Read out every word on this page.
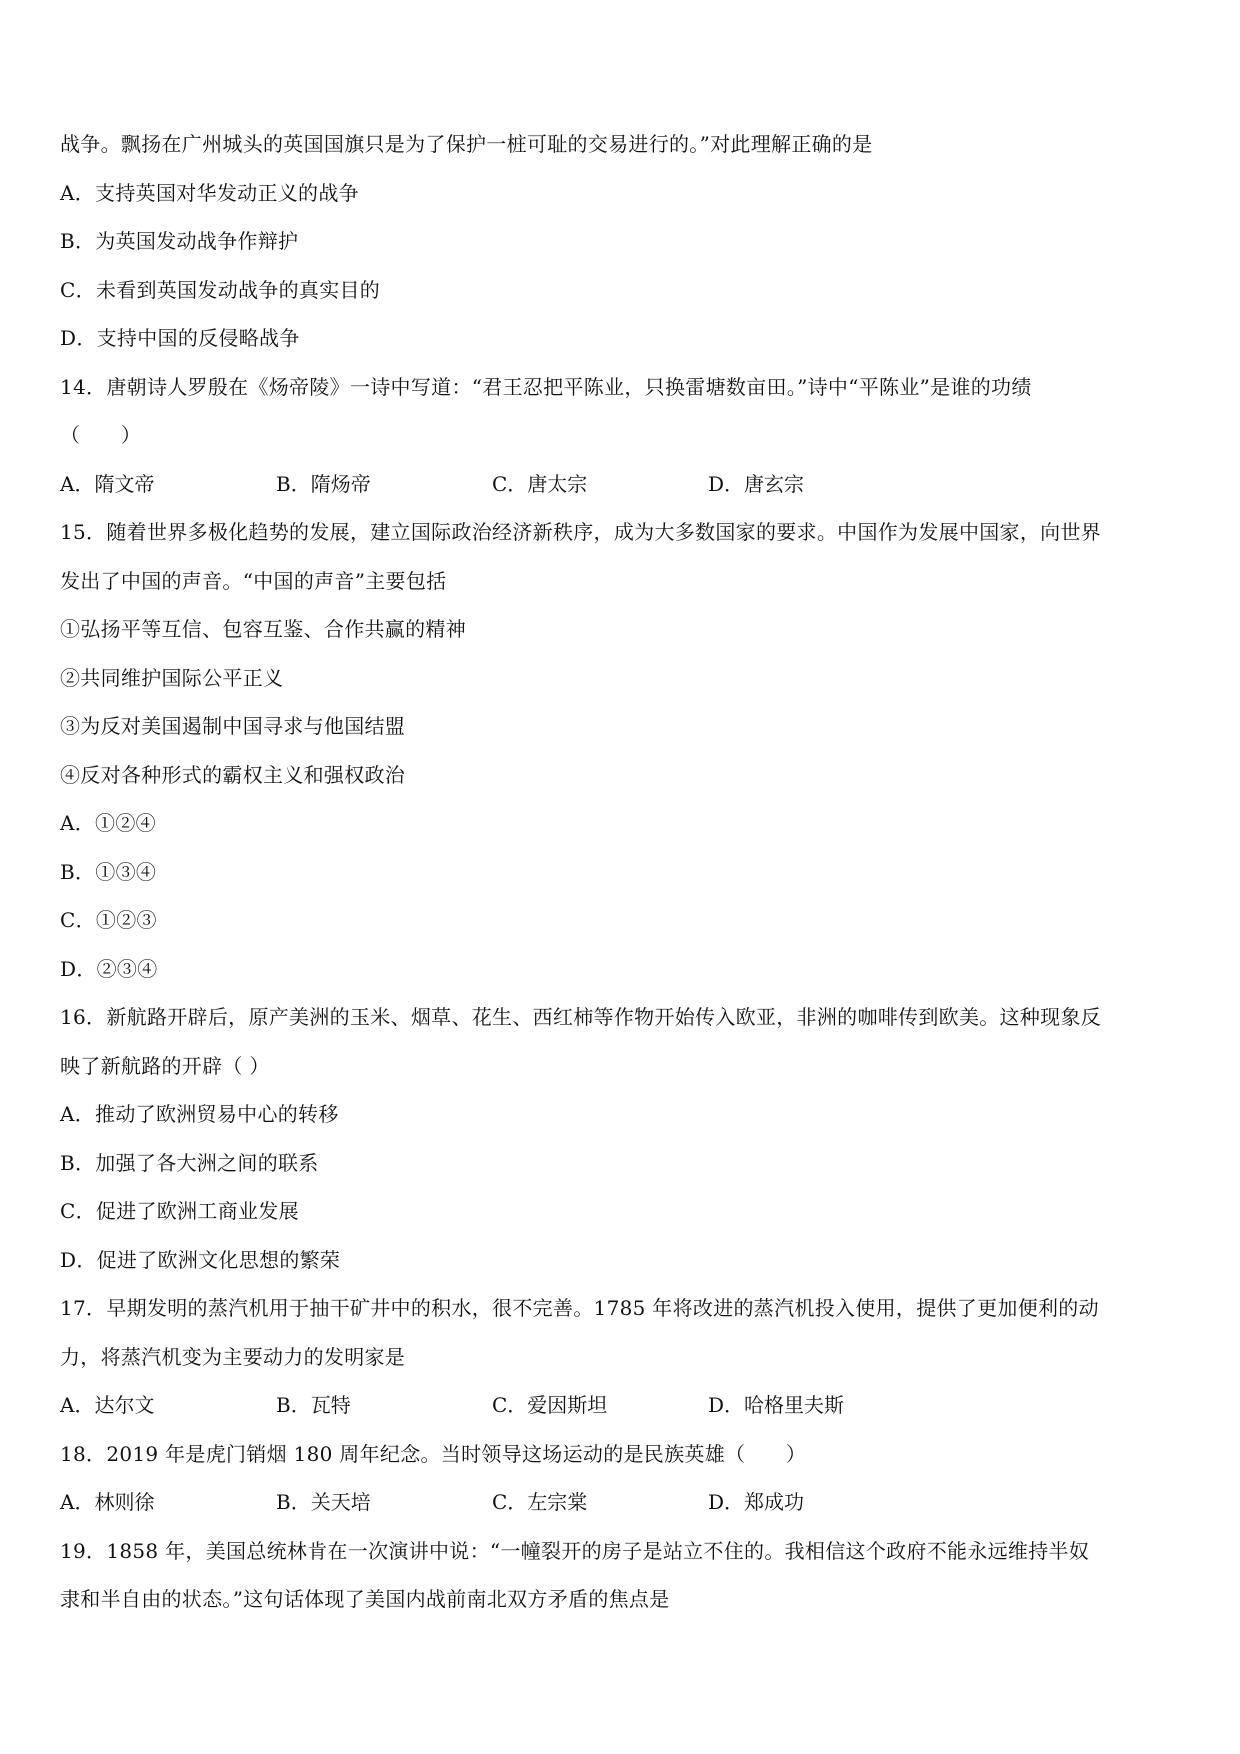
战争。飘扬在广州城头的英国国旗只是为了保护一桩可耻的交易进行的。”对此理解正确的是
A．支持英国对华发动正义的战争
B．为英国发动战争作辩护
C．未看到英国发动战争的真实目的
D．支持中国的反侵略战争
14．唐朝诗人罗殷在《炀帝陵》一诗中写道：“君王忍把平陈业，只换雷塘数亩田。”诗中“平陈业”是谁的功绩
（　　）
A．隋文帝	B．隋炀帝	C．唐太宗	D．唐玄宗
15．随着世界多极化趋势的发展，建立国际政治经济新秩序，成为大多数国家的要求。中国作为发展中国家，向世界
发出了中国的声音。“中国的声音”主要包括
①弘扬平等互信、包容互鉴、合作共赢的精神
②共同维护国际公平正义
③为反对美国遏制中国寻求与他国结盟
④反对各种形式的霸权主义和强权政治
A．①②④
B．①③④
C．①②③
D．②③④
16．新航路开辟后，原产美洲的玉米、烟草、花生、西红柿等作物开始传入欧亚，非洲的咖啡传到欧美。这种现象反
映了新航路的开辟（ ）
A．推动了欧洲贸易中心的转移
B．加强了各大洲之间的联系
C．促进了欧洲工商业发展
D．促进了欧洲文化思想的繁荣
17．早期发明的蒸汽机用于抽干矿井中的积水，很不完善。1785 年将改进的蒸汽机投入使用，提供了更加便利的动
力，将蒸汽机变为主要动力的发明家是
A．达尔文	B．瓦特	C．爱因斯坦	D．哈格里夫斯
18．2019 年是虎门销烟 180 周年纪念。当时领导这场运动的是民族英雄（　　）
A．林则徐	B．关天培	C．左宗棠	D．郑成功
19．1858 年，美国总统林肯在一次演讲中说：“一幢裂开的房子是站立不住的。我相信这个政府不能永远维持半奴
隶和半自由的状态。”这句话体现了美国内战前南北双方矛盾的焦点是
